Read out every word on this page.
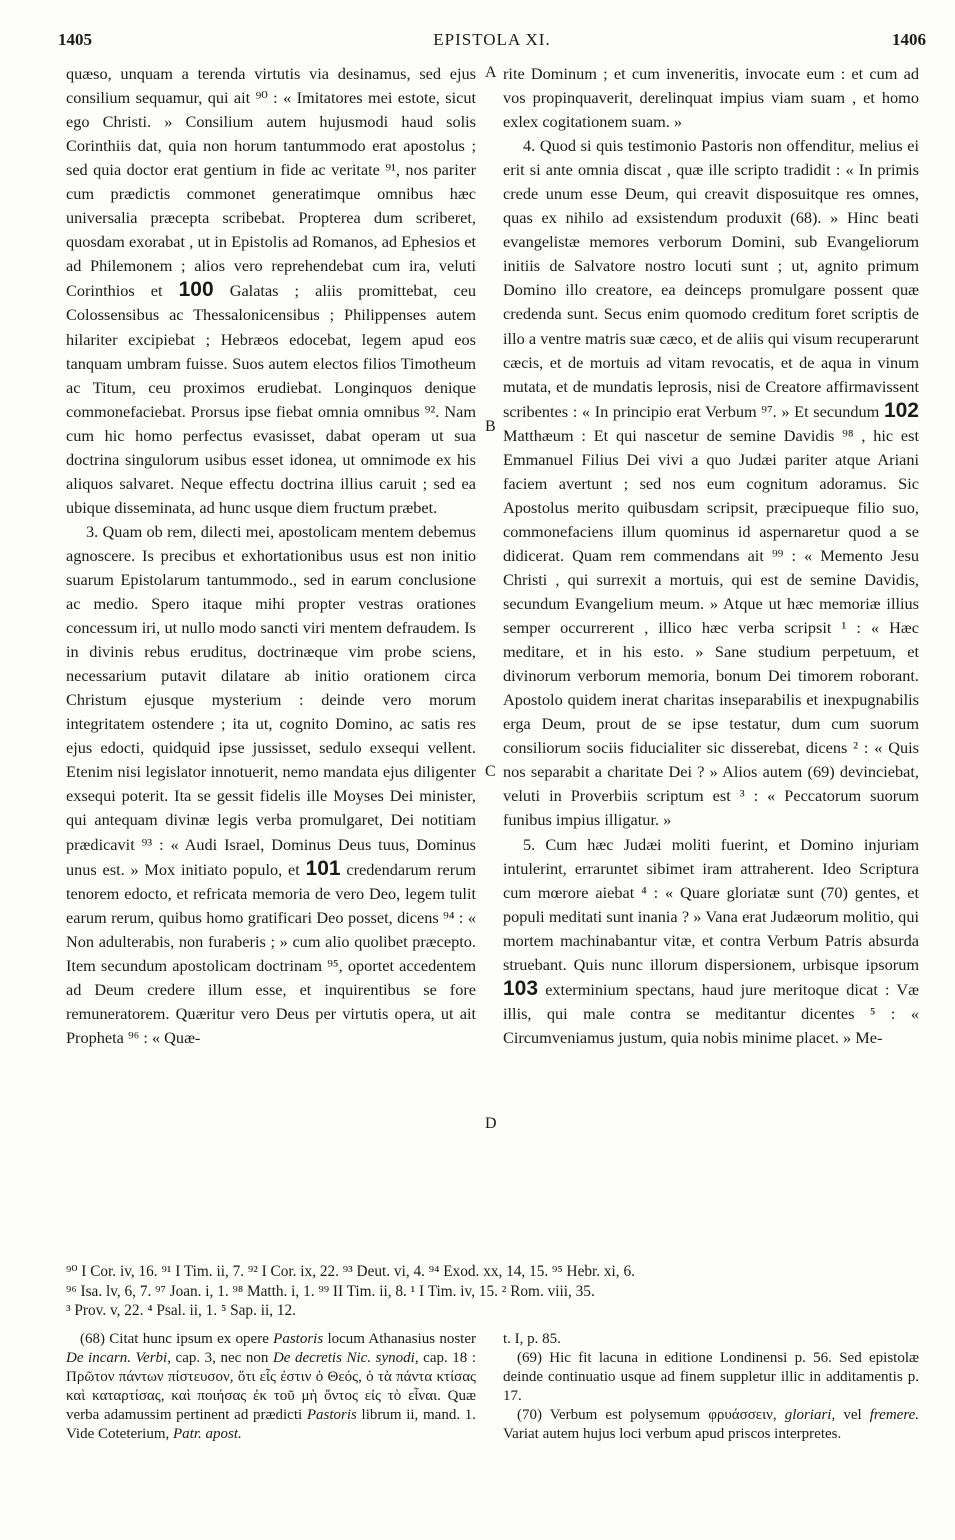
1405	EPISTOLA XI.	1406
A
B
C
D

quæso, unquam a terenda virtutis via desinamus, sed ejus consilium sequamur, qui ait ⁹⁰ : « Imitatores mei estote, sicut ego Christi. » Consilium autem hujusmodi haud solis Corinthiis dat, quia non horum tantummodo erat apostolus ; sed quia doctor erat gentium in fide ac veritate ⁹¹, nos pariter cum prædictis commonet generatimque omnibus hæc universalia præcepta scribebat. Propterea dum scriberet, quosdam exorabat , ut in Epistolis ad Romanos, ad Ephesios et ad Philemonem ; alios vero reprehendebat cum ira, veluti Corinthios et 100 Galatas ; aliis promittebat, ceu Colossensibus ac Thessalonicensibus ; Philippenses autem hilariter excipiebat ; Hebræos edocebat, legem apud eos tanquam umbram fuisse. Suos autem electos filios Timotheum ac Titum, ceu proximos erudiebat. Longinquos denique commonefaciebat. Prorsus ipse fiebat omnia omnibus ⁹². Nam cum hic homo perfectus evasisset, dabat operam ut sua doctrina singulorum usibus esset idonea, ut omnimode ex his aliquos salvaret. Neque effectu doctrina illius caruit ; sed ea ubique disseminata, ad hunc usque diem fructum præbet.

3. Quam ob rem, dilecti mei, apostolicam mentem debemus agnoscere. Is precibus et exhortationibus usus est non initio suarum Epistolarum tantummodo., sed in earum conclusione ac medio. Spero itaque mihi propter vestras orationes concessum iri, ut nullo modo sancti viri mentem defraudem. Is in divinis rebus eruditus, doctrinæque vim probe sciens, necessarium putavit dilatare ab initio orationem circa Christum ejusque mysterium : deinde vero morum integritatem ostendere ; ita ut, cognito Domino, ac satis res ejus edocti, quidquid ipse jussisset, sedulo exsequi vellent. Etenim nisi legislator innotuerit, nemo mandata ejus diligenter exsequi poterit. Ita se gessit fidelis ille Moyses Dei minister, qui antequam divinæ legis verba promulgaret, Dei notitiam prædicavit ⁹³ : « Audi Israel, Dominus Deus tuus, Dominus unus est. » Mox initiato populo, et 101 credendarum rerum tenorem edocto, et refricata memoria de vero Deo, legem tulit earum rerum, quibus homo gratificari Deo posset, dicens ⁹⁴ : « Non adulterabis, non furaberis ; » cum alio quolibet præcepto. Item secundum apostolicam doctrinam ⁹⁵, oportet accedentem ad Deum credere illum esse, et inquirentibus se fore remuneratorem. Quæritur vero Deus per virtutis opera, ut ait Propheta ⁹⁶ : « Quæ-

rite Dominum ; et cum inveneritis, invocate eum : et cum ad vos propinquaverit, derelinquat impius viam suam , et homo exlex cogitationem suam. »

4. Quod si quis testimonio Pastoris non offenditur, melius ei erit si ante omnia discat , quæ ille scripto tradidit : « In primis crede unum esse Deum, qui creavit disposuitque res omnes, quas ex nihilo ad exsistendum produxit (68). » Hinc beati evangelistæ memores verborum Domini, sub Evangeliorum initiis de Salvatore nostro locuti sunt ; ut, agnito primum Domino illo creatore, ea deinceps promulgare possent quæ credenda sunt. Secus enim quomodo creditum foret scriptis de illo a ventre matris suæ cæco, et de aliis qui visum recuperarunt cæcis, et de mortuis ad vitam revocatis, et de aqua in vinum mutata, et de mundatis leprosis, nisi de Creatore affirmavissent scribentes : « In principio erat Verbum ⁹⁷. » Et secundum 102 Matthæum : Et qui nascetur de semine Davidis ⁹⁸ , hic est Emmanuel Filius Dei vivi a quo Judæi pariter atque Ariani faciem avertunt ; sed nos eum cognitum adoramus. Sic Apostolus merito quibusdam scripsit, præcipueque filio suo, commonefaciens illum quominus id aspernaretur quod a se didicerat. Quam rem commendans ait ⁹⁹ : « Memento Jesu Christi , qui surrexit a mortuis, qui est de semine Davidis, secundum Evangelium meum. » Atque ut hæc memoriæ illius semper occurrerent , illico hæc verba scripsit ¹ : « Hæc meditare, et in his esto. » Sane studium perpetuum, et divinorum verborum memoria, bonum Dei timorem roborant. Apostolo quidem inerat charitas inseparabilis et inexpugnabilis erga Deum, prout de se ipse testatur, dum cum suorum consiliorum sociis fiducialiter sic disserebat, dicens ² : « Quis nos separabit a charitate Dei ? » Alios autem (69) devinciebat, veluti in Proverbiis scriptum est ³ : « Peccatorum suorum funibus impius illigatur. »

5. Cum hæc Judæi moliti fuerint, et Domino injuriam intulerint, erraruntet sibimet iram attraherent. Ideo Scriptura cum mœrore aiebat ⁴ : « Quare gloriatæ sunt (70) gentes, et populi meditati sunt inania ? » Vana erat Judæorum molitio, qui mortem machinabantur vitæ, et contra Verbum Patris absurda struebant. Quis nunc illorum dispersionem, urbisque ipsorum 103 exterminium spectans, haud jure meritoque dicat : Væ illis, qui male contra se meditantur dicentes ⁵ : « Circumveniamus justum, quia nobis minime placet. » Me-

⁹⁰ I Cor. iv, 16. ⁹¹ I Tim. ii, 7. ⁹² I Cor. ix, 22. ⁹³ Deut. vi, 4. ⁹⁴ Exod. xx, 14, 15. ⁹⁵ Hebr. xi, 6.
⁹⁶ Isa. lv, 6, 7. ⁹⁷ Joan. i, 1. ⁹⁸ Matth. i, 1. ⁹⁹ II Tim. ii, 8. ¹ I Tim. iv, 15. ² Rom. viii, 35.
³ Prov. v, 22. ⁴ Psal. ii, 1. ⁵ Sap. ii, 12.

(68) Citat hunc ipsum ex opere Pastoris locum Athanasius noster De incarn. Verbi, cap. 3, nec non De decretis Nic. synodi, cap. 18 : Πρῶτον πάντων πίστευσον, ὅτι εἷς ἐστιν ὁ Θεός, ὁ τὰ πάντα κτίσας καὶ καταρτίσας, καὶ ποιήσας ἐκ τοῦ μὴ ὄντος εἰς τὸ εἶναι. Quæ verba adamussim pertinent ad prædicti Pastoris librum ii, mand. 1. Vide Coteterium, Patr. apost.

t. I, p. 85.

(69) Hic fit lacuna in editione Londinensi p. 56. Sed epistolæ deinde continuatio usque ad finem suppletur illic in additamentis p. 17.

(70) Verbum est polysemum φρυάσσειν, gloriari, vel fremere. Variat autem hujus loci verbum apud priscos interpretes.
